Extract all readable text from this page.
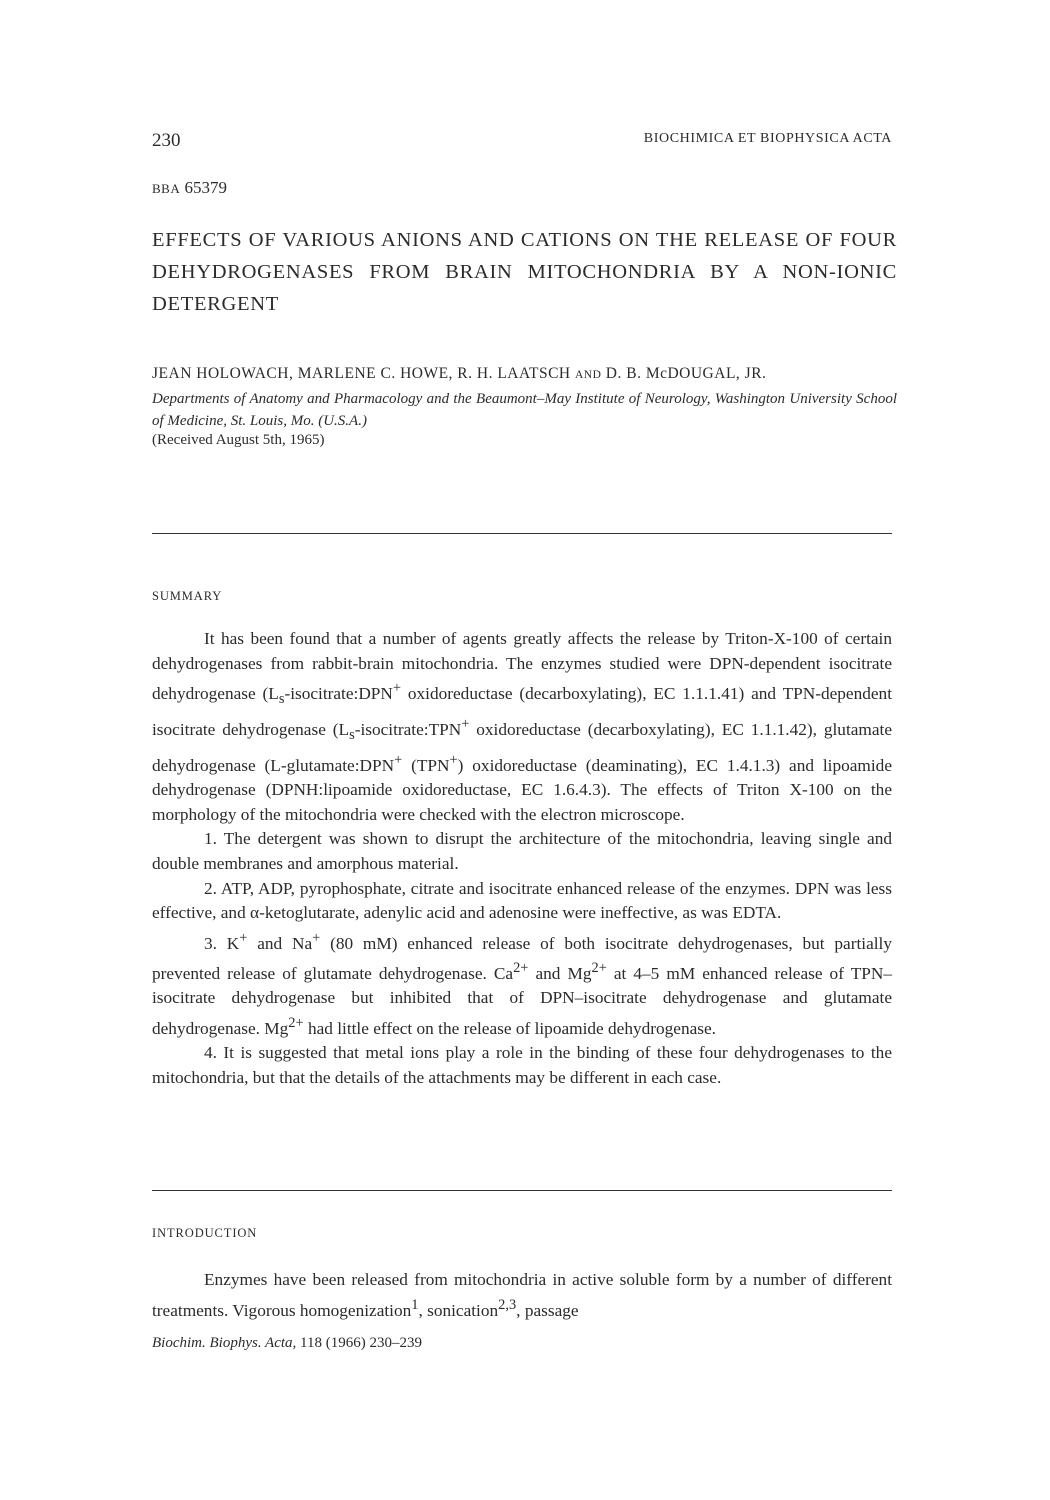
230	BIOCHIMICA ET BIOPHYSICA ACTA
BBA 65379
EFFECTS OF VARIOUS ANIONS AND CATIONS ON THE RELEASE OF FOUR DEHYDROGENASES FROM BRAIN MITOCHONDRIA BY A NON-IONIC DETERGENT
JEAN HOLOWACH, MARLENE C. HOWE, R. H. LAATSCH AND D. B. McDOUGAL, JR.
Departments of Anatomy and Pharmacology and the Beaumont–May Institute of Neurology, Washington University School of Medicine, St. Louis, Mo. (U.S.A.)
(Received August 5th, 1965)
SUMMARY

It has been found that a number of agents greatly affects the release by Triton-X-100 of certain dehydrogenases from rabbit-brain mitochondria. The enzymes studied were DPN-dependent isocitrate dehydrogenase ($L_s-isocitrate:DPN^+$ oxidoreductase (decarboxylating), EC 1.1.1.41) and TPN-dependent isocitrate dehydrogenase ($L_s-isocitrate:TPN^+$ oxidoreductase (decarboxylating), EC 1.1.1.42), glutamate dehydrogenase (L-glutamate:DPN+ (TPN+) oxidoreductase (deaminating), EC 1.4.1.3) and lipoamide dehydrogenase (DPNH:lipoamide oxidoreductase, EC 1.6.4.3). The effects of Triton X-100 on the morphology of the mitochondria were checked with the electron microscope.

1. The detergent was shown to disrupt the architecture of the mitochondria, leaving single and double membranes and amorphous material.

2. ATP, ADP, pyrophosphate, citrate and isocitrate enhanced release of the enzymes. DPN was less effective, and α-ketoglutarate, adenylic acid and adenosine were ineffective, as was EDTA.

3. K+ and Na+ (80 mM) enhanced release of both isocitrate dehydrogenases, but partially prevented release of glutamate dehydrogenase. $Ca^{2+}$ and $Mg^{2+}$ at 4–5 mM enhanced release of TPN–isocitrate dehydrogenase but inhibited that of DPN–isocitrate dehydrogenase and glutamate dehydrogenase. $Mg^{2+}$ had little effect on the release of lipoamide dehydrogenase.

4. It is suggested that metal ions play a role in the binding of these four dehydrogenases to the mitochondria, but that the details of the attachments may be different in each case.

INTRODUCTION

Enzymes have been released from mitochondria in active soluble form by a number of different treatments. Vigorous homogenization$^1$, sonication$^{2,3}$, passage

Biochim. Biophys. Acta, 118 (1966) 230–239
